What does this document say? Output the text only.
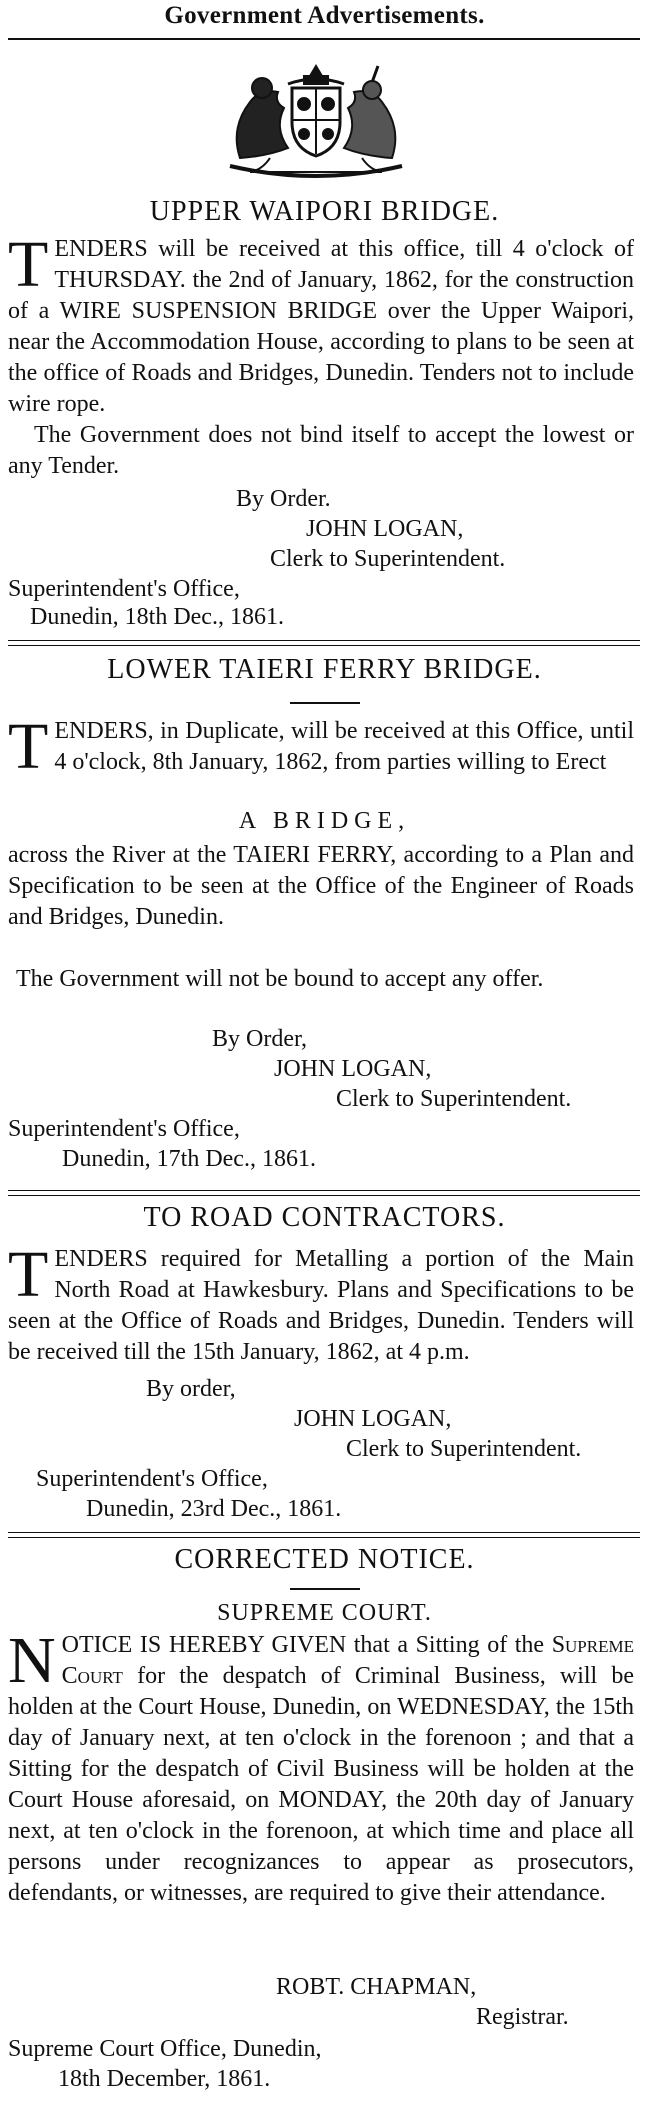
Government Advertisements.
UPPER WAIPORI BRIDGE.

TENDERS will be received at this office, till 4 o'clock of THURSDAY. the 2nd of January, 1862, for the construction of a WIRE SUSPENSION BRIDGE over the Upper Waipori, near the Accommodation House, according to plans to be seen at the office of Roads and Bridges, Dunedin. Tenders not to include wire rope.

The Government does not bind itself to accept the lowest or any Tender.

By Order.
JOHN LOGAN,
Clerk to Superintendent.
Superintendent's Office,
Dunedin, 18th Dec., 1861.
LOWER TAIERI FERRY BRIDGE.

TENDERS, in Duplicate, will be received at this Office, until 4 o'clock, 8th January, 1862, from parties willing to Erect

A BRIDGE,

across the River at the TAIERI FERRY, according to a Plan and Specification to be seen at the Office of the Engineer of Roads and Bridges, Dunedin.

The Government will not be bound to accept any offer.

By Order,
JOHN LOGAN,
Clerk to Superintendent.
Superintendent's Office,
Dunedin, 17th Dec., 1861.
TO ROAD CONTRACTORS.

TENDERS required for Metalling a portion of the Main North Road at Hawkesbury. Plans and Specifications to be seen at the Office of Roads and Bridges, Dunedin. Tenders will be received till the 15th January, 1862, at 4 p.m.

By order,
JOHN LOGAN,
Clerk to Superintendent.
Superintendent's Office,
Dunedin, 23rd Dec., 1861.
CORRECTED NOTICE.
SUPREME COURT.

NOTICE IS HEREBY GIVEN that a Sitting of the Supreme Court for the despatch of Criminal Business, will be holden at the Court House, Dunedin, on WEDNESDAY, the 15th day of January next, at ten o'clock in the forenoon ; and that a Sitting for the despatch of Civil Business will be holden at the Court House aforesaid, on MONDAY, the 20th day of January next, at ten o'clock in the forenoon, at which time and place all persons under recognizances to appear as prosecutors, defendants, or witnesses, are required to give their attendance.

ROBT. CHAPMAN,
Registrar.
Supreme Court Office, Dunedin,
18th December, 1861.
